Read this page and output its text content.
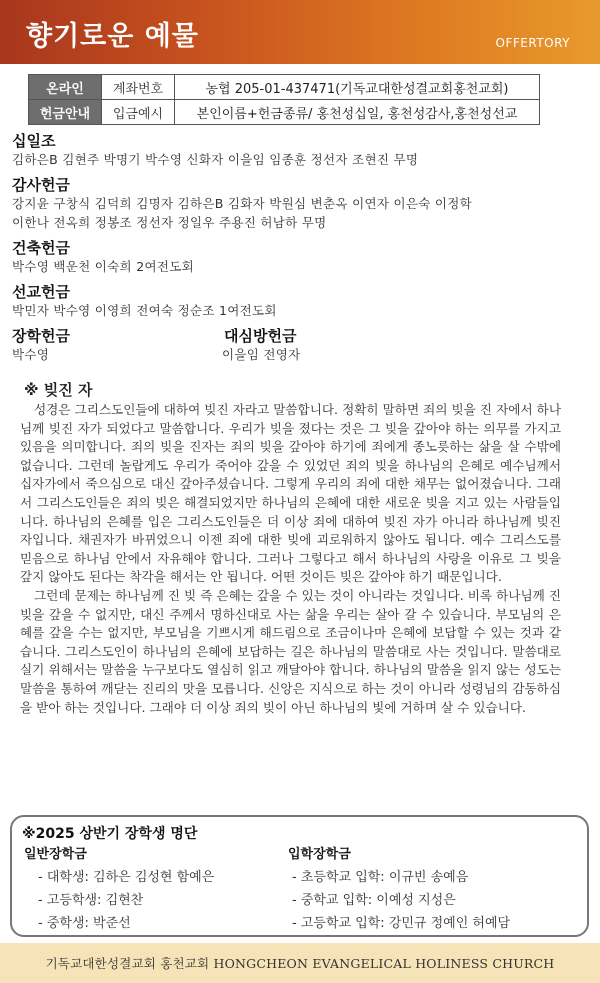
향기로운 예물	OFFERTORY
온라인	계좌번호	농협 205-01-437471(기독교대한성결교회홍천교회)
헌금안내	입금예시	본인이름+헌금종류/ 홍천성십일, 홍천성감사,홍천성선교
십일조
김하은B 김현주 박명기 박수영 신화자 이을임 임종훈 정선자 조현진 무명
감사헌금
강지윤 구창식 김덕희 김명자 김하은B 김화자 박원심 변춘옥 이연자 이은숙 이정학
이한나 전옥희 정봉조 정선자 정일우 주용진 허남하 무명
건축헌금
박수영 백운천 이숙희 2여전도회
선교헌금
박민자 박수영 이영희 전여숙 정순조 1여전도회
장학헌금
박수영
대심방헌금
이을임 전영자
※ 빚진 자

성경은 그리스도인들에 대하여 빚진 자라고 말씀합니다. 정확히 말하면 죄의 빚을 진 자에서 하나님께 빚진 자가 되었다고 말씀합니다. 우리가 빚을 졌다는 것은 그 빚을 갚아야 하는 의무를 가지고 있음을 의미합니다. 죄의 빚을 진자는 죄의 빚을 갚아야 하기에 죄에게 종노릇하는 삶을 살 수밖에 없습니다. 그런데 놀랍게도 우리가 죽어야 갚을 수 있었던 죄의 빚을 하나님의 은혜로 예수님께서 십자가에서 죽으심으로 대신 갚아주셨습니다. 그렇게 우리의 죄에 대한 채무는 없어졌습니다. 그래서 그리스도인들은 죄의 빚은 해결되었지만 하나님의 은혜에 대한 새로운 빚을 지고 있는 사람들입니다. 하나님의 은혜를 입은 그리스도인들은 더 이상 죄에 대하여 빚진 자가 아니라 하나님께 빚진 자입니다. 채권자가 바뀌었으니 이젠 죄에 대한 빚에 괴로워하지 않아도 됩니다. 예수 그리스도를 믿음으로 하나님 안에서 자유해야 합니다. 그러나 그렇다고 해서 하나님의 사랑을 이유로 그 빚을 갚지 않아도 된다는 착각을 해서는 안 됩니다. 어떤 것이든 빚은 갚아야 하기 때문입니다.

그런데 문제는 하나님께 진 빚 즉 은혜는 갚을 수 있는 것이 아니라는 것입니다. 비록 하나님께 진 빚을 갚을 수 없지만, 대신 주께서 명하신대로 사는 삶을 우리는 살아 갈 수 있습니다. 부모님의 은혜를 갚을 수는 없지만, 부모님을 기쁘시게 해드림으로 조금이나마 은혜에 보답할 수 있는 것과 같습니다. 그리스도인이 하나님의 은혜에 보답하는 길은 하나님의 말씀대로 사는 것입니다. 말씀대로 실기 위해서는 말씀을 누구보다도 열심히 읽고 깨달아야 합니다. 하나님의 말씀을 읽지 않는 성도는 말씀을 통하여 깨닫는 진리의 맛을 모릅니다. 신앙은 지식으로 하는 것이 아니라 성령님의 감동하심을 받아 하는 것입니다. 그래야 더 이상 죄의 빚이 아닌 하나님의 빛에 거하며 살 수 있습니다.

※2025 상반기 장학생 명단
일반장학금
- 대학생: 김하은 김성현 함예은
- 고등학생: 김현찬
- 중학생: 박준선
입학장학금
- 초등학교 입학: 이규빈 송예음
- 중학교 입학: 이예성 지성은
- 고등학교 입학: 강민규 정예인 허예담
기독교대한성결교회 홍천교회 HONGCHEON EVANGELICAL HOLINESS CHURCH
